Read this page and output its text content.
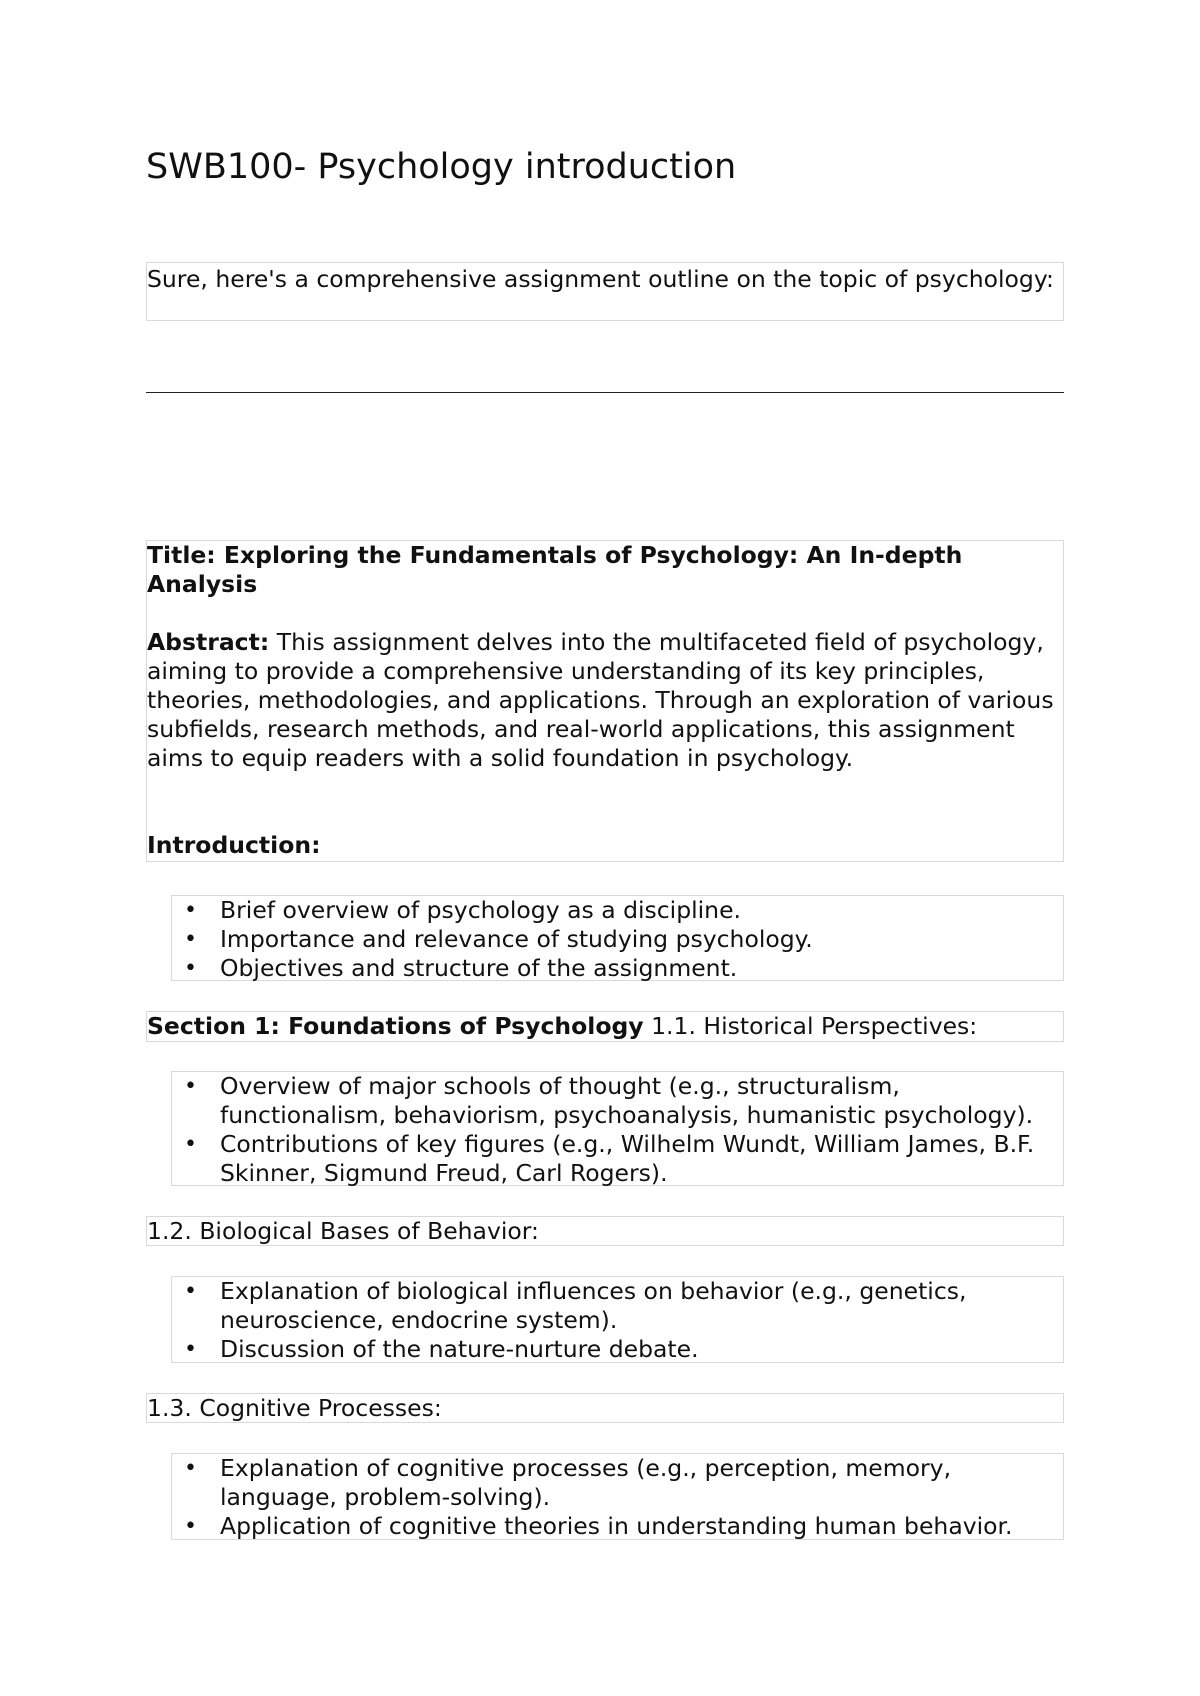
SWB100- Psychology introduction
Sure, here's a comprehensive assignment outline on the topic of psychology:
Title: Exploring the Fundamentals of Psychology: An In-depth Analysis
Abstract: This assignment delves into the multifaceted field of psychology, aiming to provide a comprehensive understanding of its key principles, theories, methodologies, and applications. Through an exploration of various subfields, research methods, and real-world applications, this assignment aims to equip readers with a solid foundation in psychology.
Introduction:
• Brief overview of psychology as a discipline.
• Importance and relevance of studying psychology.
• Objectives and structure of the assignment.
Section 1: Foundations of Psychology 1.1. Historical Perspectives:
• Overview of major schools of thought (e.g., structuralism, functionalism, behaviorism, psychoanalysis, humanistic psychology).
• Contributions of key figures (e.g., Wilhelm Wundt, William James, B.F. Skinner, Sigmund Freud, Carl Rogers).
1.2. Biological Bases of Behavior:
• Explanation of biological influences on behavior (e.g., genetics, neuroscience, endocrine system).
• Discussion of the nature-nurture debate.
1.3. Cognitive Processes:
• Explanation of cognitive processes (e.g., perception, memory, language, problem-solving).
• Application of cognitive theories in understanding human behavior.
